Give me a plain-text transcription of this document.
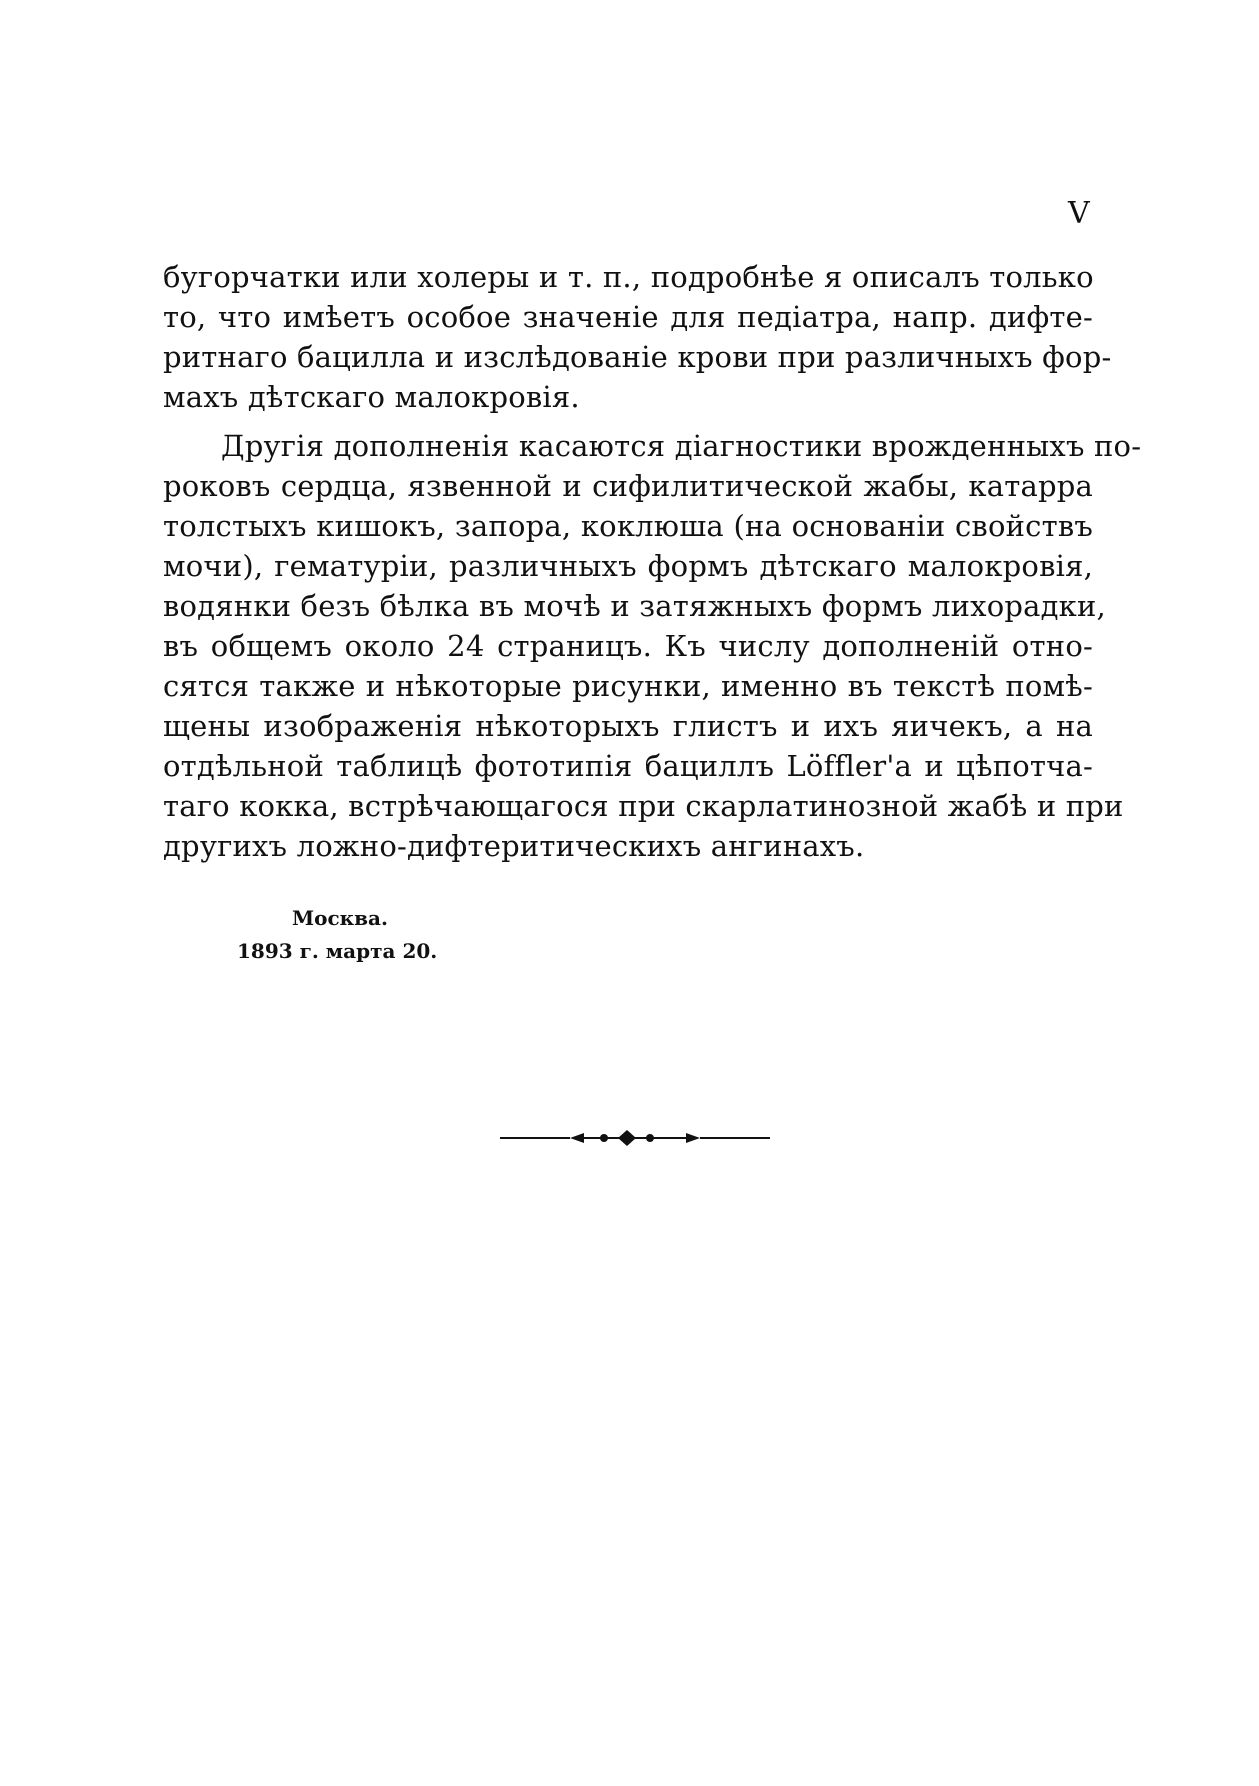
V
бугорчатки или холеры и т. п., подробнѣе я описалъ только
то, что имѣетъ особое значеніе для педіатра, напр. дифте-
ритнаго бацилла и изслѣдованіе крови при различныхъ фор-
махъ дѣтскаго малокровія.
Другія дополненія касаются діагностики врожденныхъ по-
роковъ сердца, язвенной и сифилитической жабы, катарра
толстыхъ кишокъ, запора, коклюша (на основаніи свойствъ
мочи), гематуріи, различныхъ формъ дѣтскаго малокровія,
водянки безъ бѣлка въ мочѣ и затяжныхъ формъ лихорадки,
въ общемъ около 24 страницъ. Къ числу дополненій отно-
сятся также и нѣкоторые рисунки, именно въ текстѣ помѣ-
щены изображенія нѣкоторыхъ глистъ и ихъ яичекъ, а на
отдѣльной таблицѣ фототипія бациллъ Löffler'a и цѣпотча-
таго кокка, встрѣчающагося при скарлатинозной жабѣ и при
другихъ ложно-дифтеритическихъ ангинахъ.
Москва.
1893 г. марта 20.
